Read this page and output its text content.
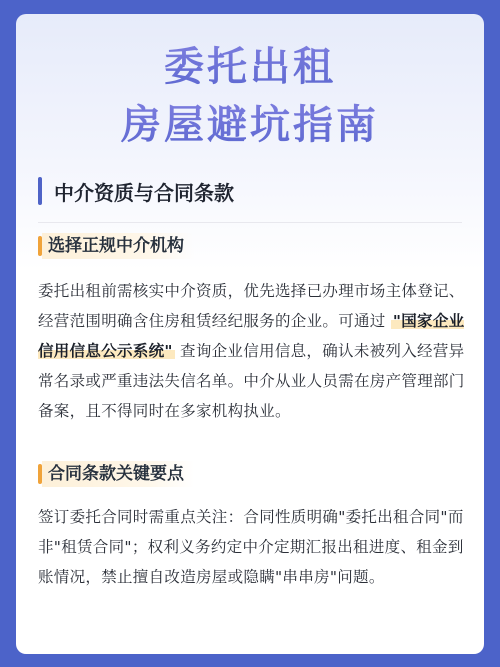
委托出租
房屋避坑指南
中介资质与合同条款
选择正规中介机构

委托出租前需核实中介资质，优先选择已办理市场主体登记、经营范围明确含住房租赁经纪服务的企业。可通过 "国家企业信用信息公示系统" 查询企业信用信息，确认未被列入经营异常名录或严重违法失信名单。中介从业人员需在房产管理部门备案，且不得同时在多家机构执业。

合同条款关键要点

签订委托合同时需重点关注：合同性质明确"委托出租合同"而非"租赁合同"；权利义务约定中介定期汇报出租进度、租金到账情况，禁止擅自改造房屋或隐瞒"串串房"问题。
